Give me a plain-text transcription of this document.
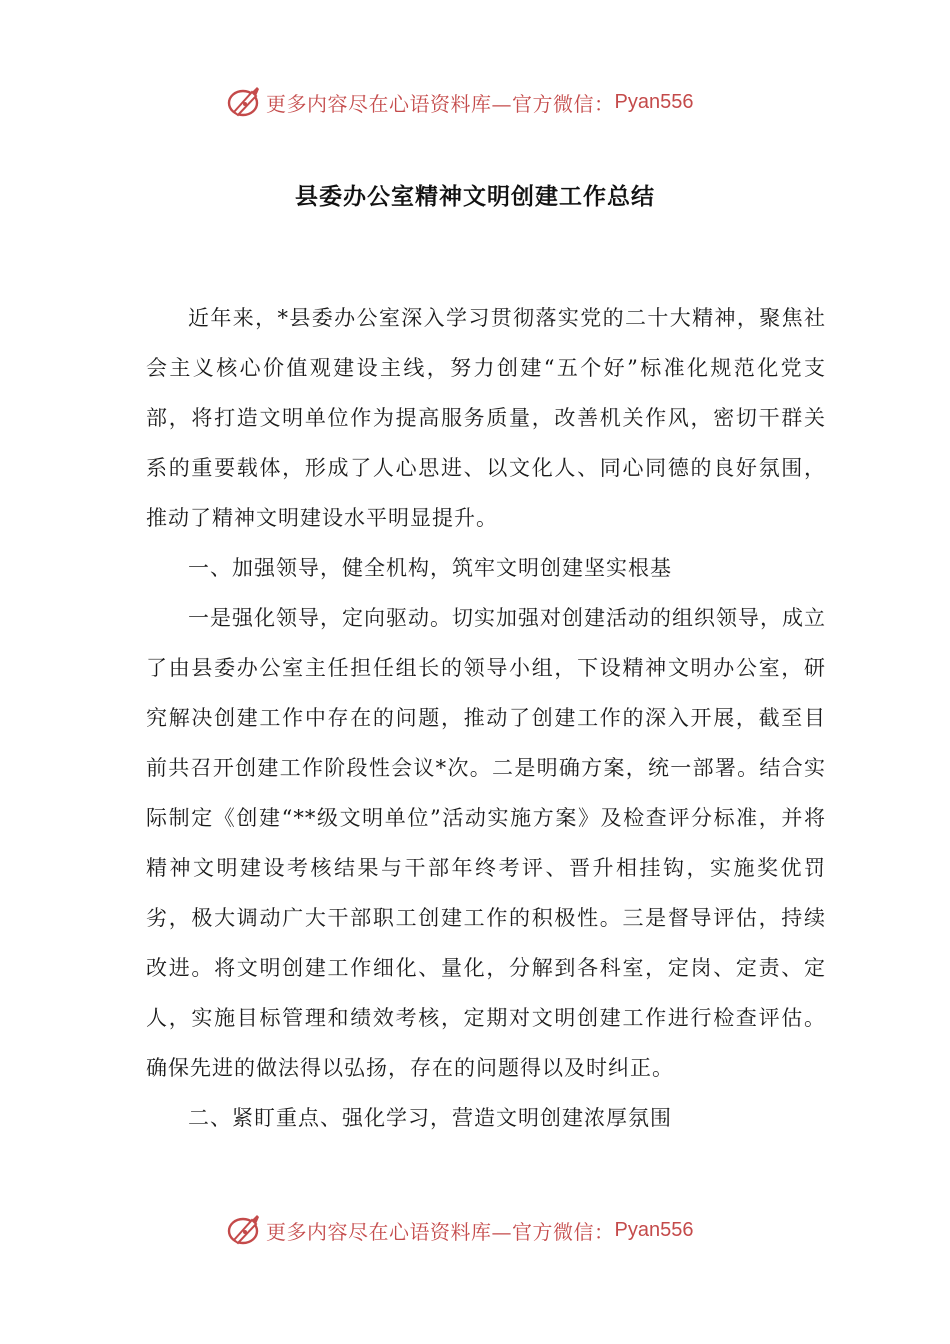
更多内容尽在心语资料库—官方微信： Pyan556
县委办公室精神文明创建工作总结

近年来，*县委办公室深入学习贯彻落实党的二十大精神，聚焦社会主义核心价值观建设主线，努力创建“五个好”标准化规范化党支部，将打造文明单位作为提高服务质量，改善机关作风，密切干群关系的重要载体，形成了人心思进、以文化人、同心同德的良好氛围，推动了精神文明建设水平明显提升。

一、加强领导，健全机构，筑牢文明创建坚实根基

一是强化领导，定向驱动。切实加强对创建活动的组织领导，成立了由县委办公室主任担任组长的领导小组，下设精神文明办公室，研究解决创建工作中存在的问题，推动了创建工作的深入开展，截至目前共召开创建工作阶段性会议*次。二是明确方案，统一部署。结合实际制定《创建“**级文明单位”活动实施方案》及检查评分标准，并将精神文明建设考核结果与干部年终考评、晋升相挂钩，实施奖优罚劣，极大调动广大干部职工创建工作的积极性。三是督导评估，持续改进。将文明创建工作细化、量化，分解到各科室，定岗、定责、定人，实施目标管理和绩效考核，定期对文明创建工作进行检查评估。确保先进的做法得以弘扬，存在的问题得以及时纠正。

二、紧盯重点、强化学习，营造文明创建浓厚氛围

更多内容尽在心语资料库—官方微信： Pyan556
